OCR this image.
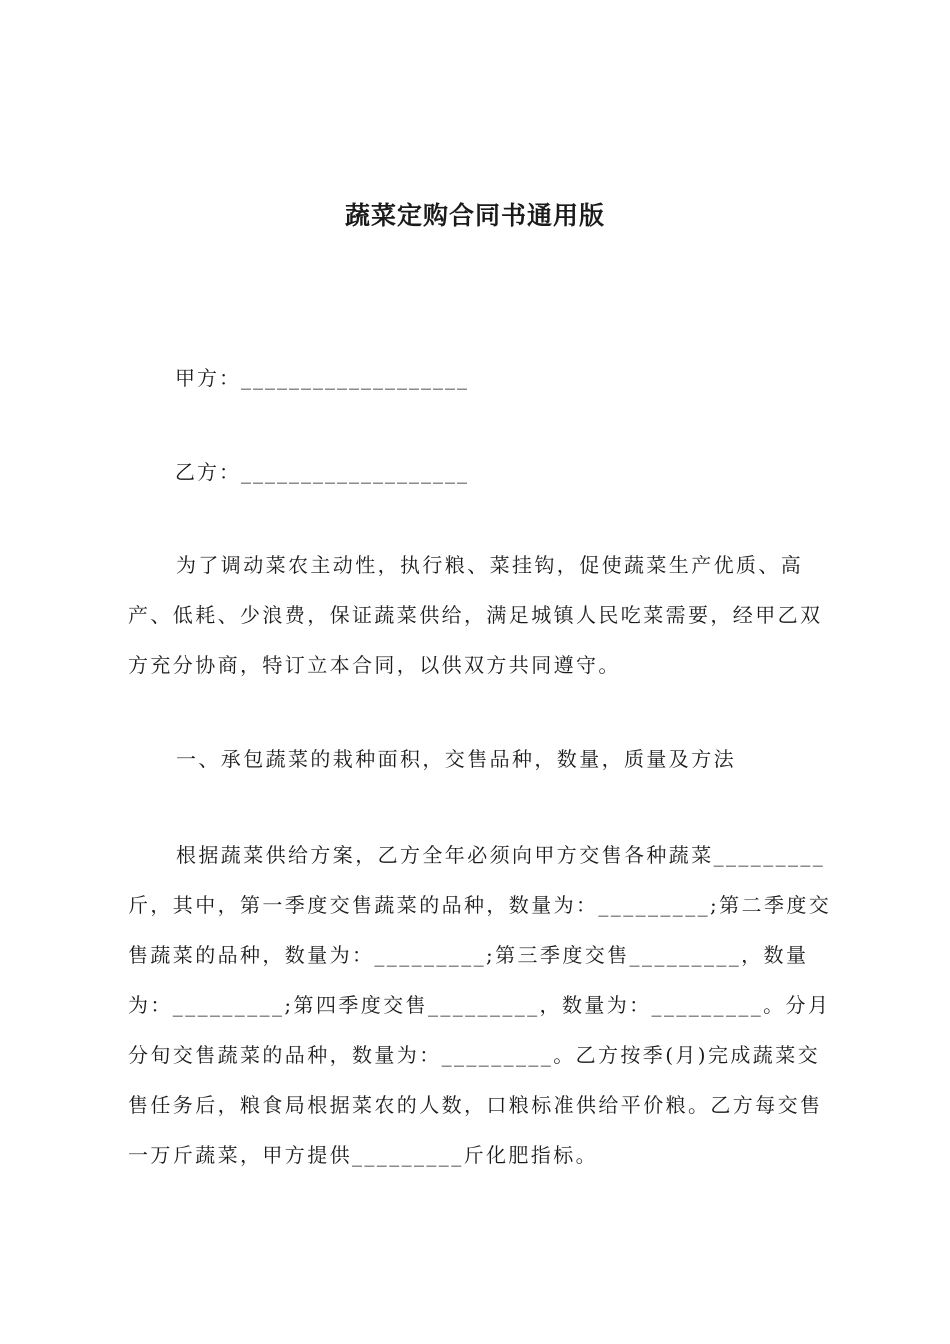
蔬菜定购合同书通用版
甲方：___________________
乙方：___________________

为了调动菜农主动性，执行粮、菜挂钩，促使蔬菜生产优质、高产、低耗、少浪费，保证蔬菜供给，满足城镇人民吃菜需要，经甲乙双方充分协商，特订立本合同，以供双方共同遵守。

一、承包蔬菜的栽种面积，交售品种，数量，质量及方法

根据蔬菜供给方案，乙方全年必须向甲方交售各种蔬菜_________斤，其中，第一季度交售蔬菜的品种，数量为：_________;第二季度交售蔬菜的品种，数量为：_________;第三季度交售_________，数量为：_________;第四季度交售_________，数量为：_________。分月分旬交售蔬菜的品种，数量为：_________。乙方按季(月)完成蔬菜交售任务后，粮食局根据菜农的人数，口粮标准供给平价粮。乙方每交售一万斤蔬菜，甲方提供_________斤化肥指标。
